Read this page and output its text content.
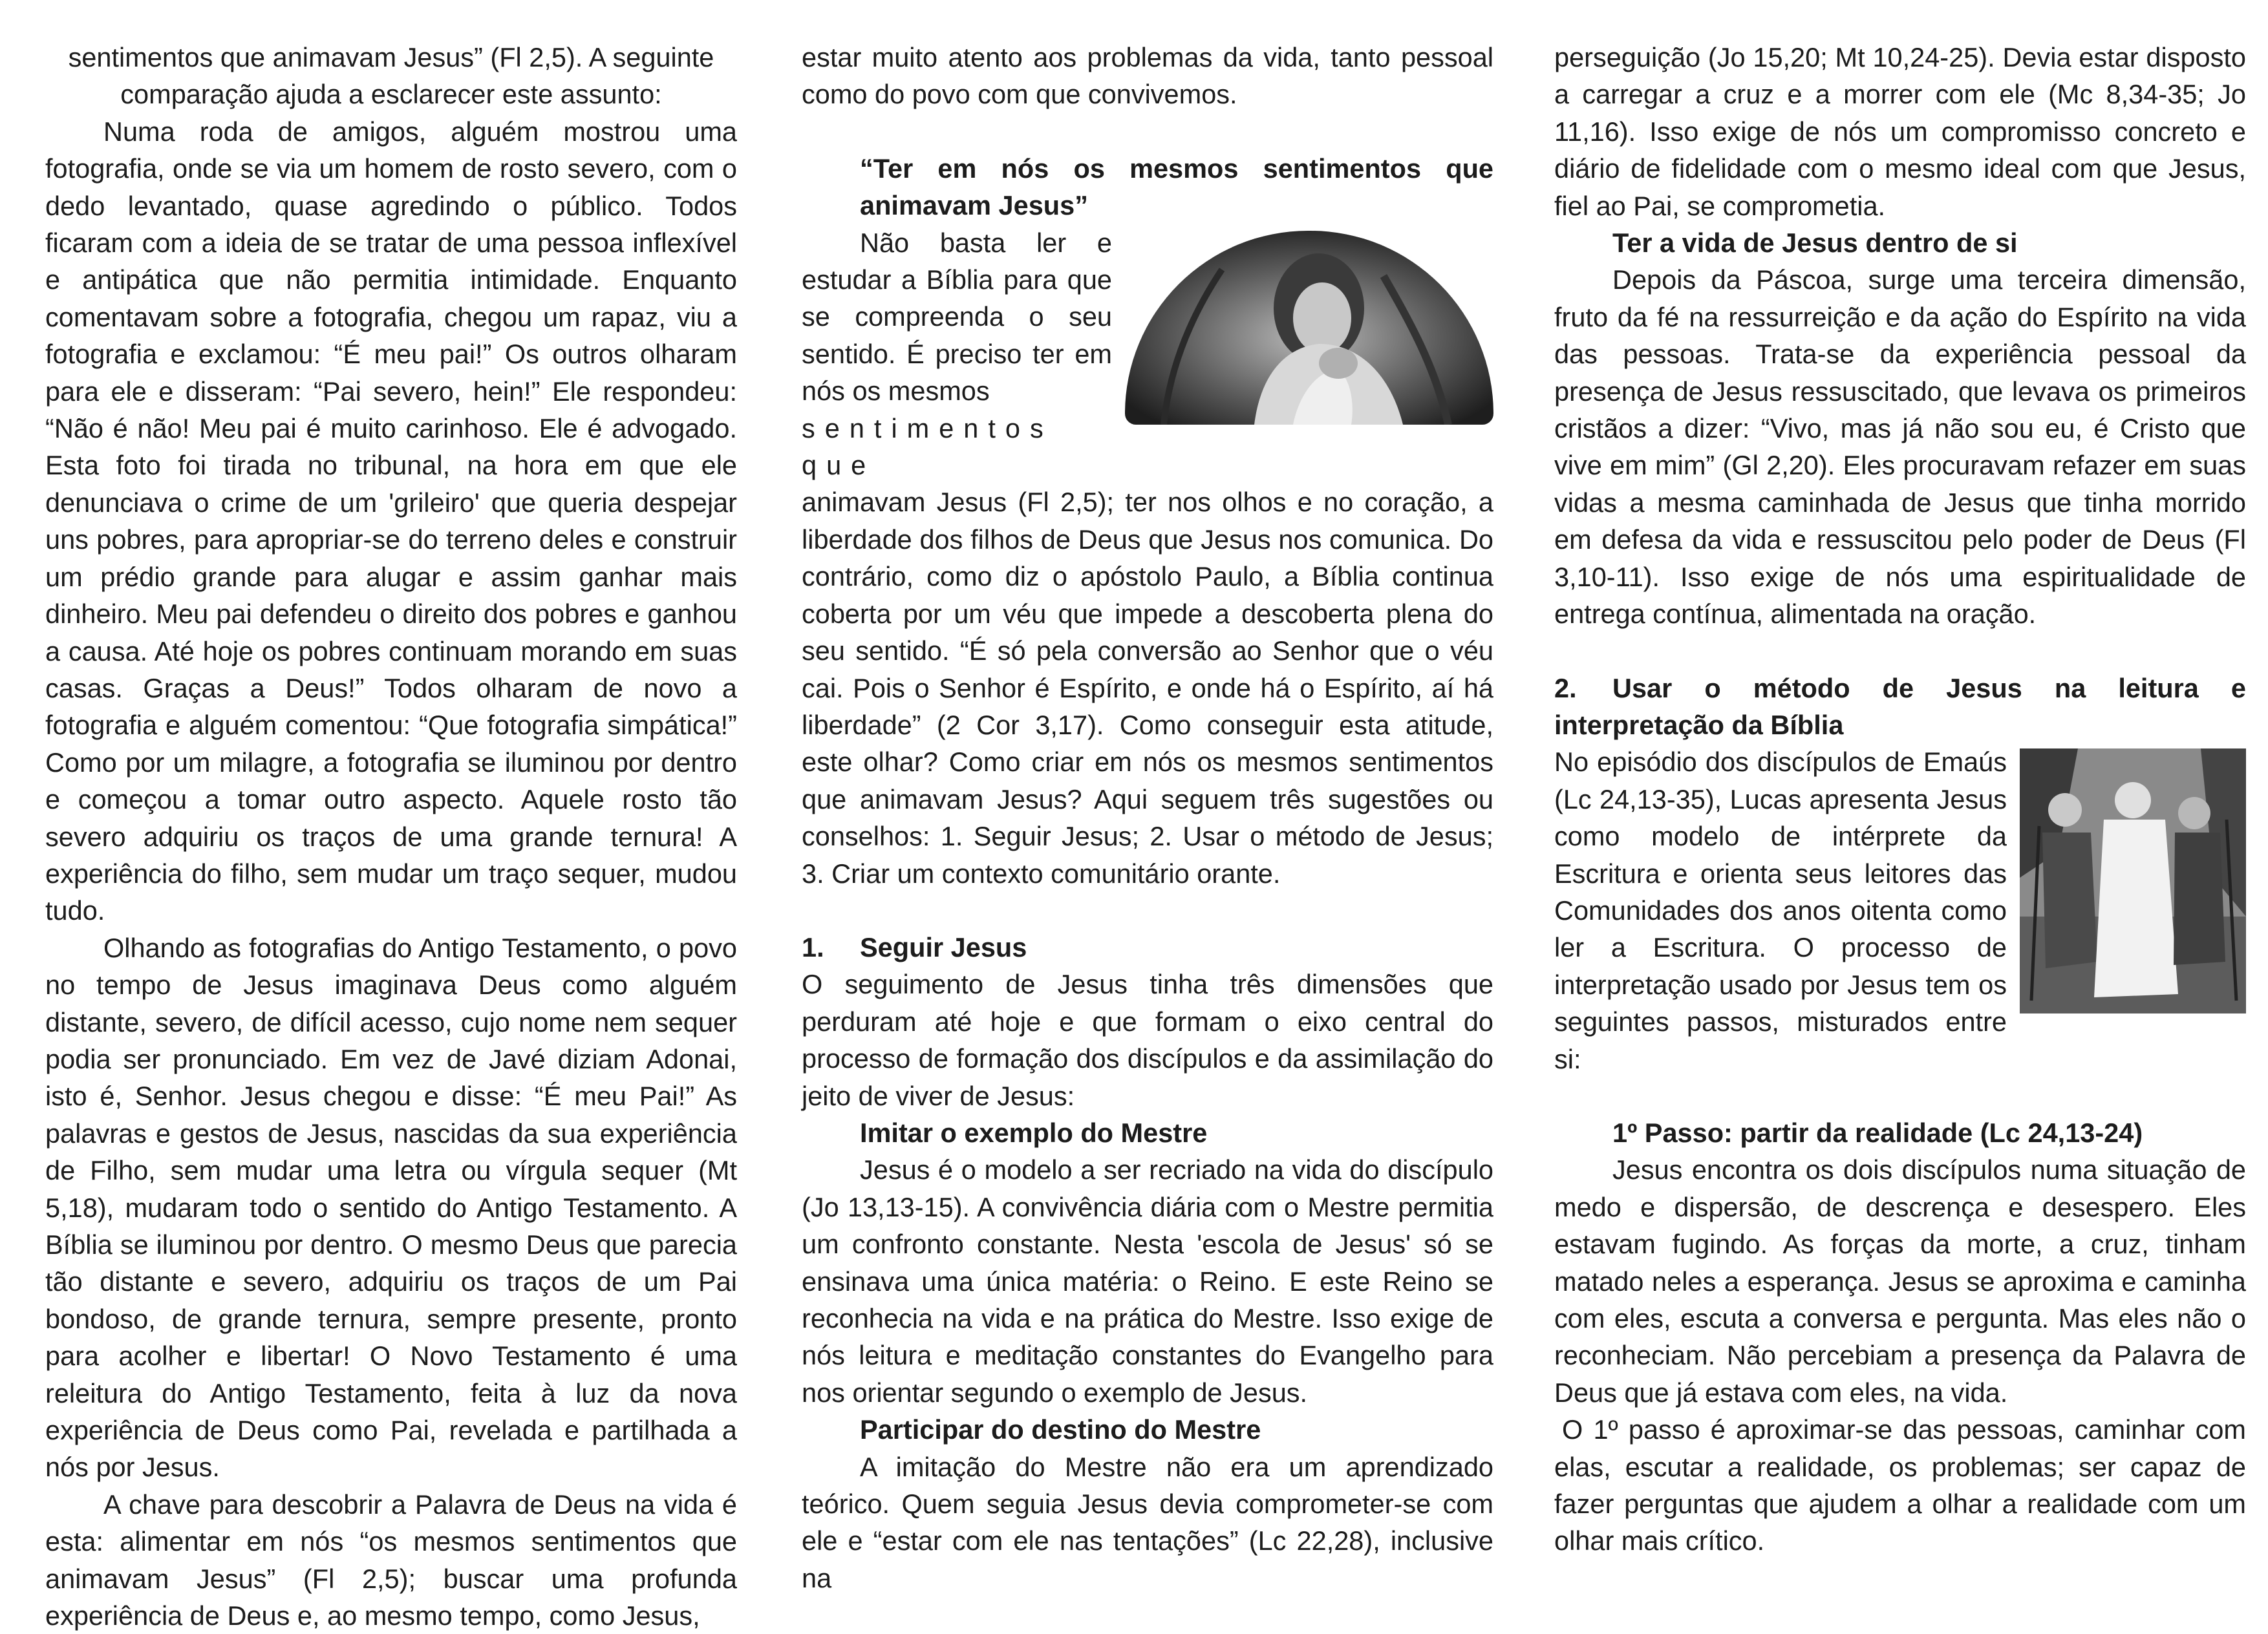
sentimentos que animavam Jesus” (Fl 2,5). A seguinte

comparação ajuda a esclarecer este assunto:

Numa roda de amigos, alguém mostrou uma fotografia, onde se via um homem de rosto severo, com o dedo levantado, quase agredindo o público. Todos ficaram com a ideia de se tratar de uma pessoa inflexível e antipática que não permitia intimidade. Enquanto comentavam sobre a fotografia, chegou um rapaz, viu a fotografia e exclamou: “É meu pai!” Os outros olharam para ele e disseram: “Pai severo, hein!” Ele respondeu: “Não é não! Meu pai é muito carinhoso. Ele é advogado. Esta foto foi tirada no tribunal, na hora em que ele denunciava o crime de um 'grileiro' que queria despejar uns pobres, para apropriar-se do terreno deles e construir um prédio grande para alugar e assim ganhar mais dinheiro. Meu pai defendeu o direito dos pobres e ganhou a causa. Até hoje os pobres continuam morando em suas casas. Graças a Deus!” Todos olharam de novo a fotografia e alguém comentou: “Que fotografia simpática!” Como por um milagre, a fotografia se iluminou por dentro e começou a tomar outro aspecto. Aquele rosto tão severo adquiriu os traços de uma grande ternura! A experiência do filho, sem mudar um traço sequer, mudou tudo.

Olhando as fotografias do Antigo Testamento, o povo no tempo de Jesus imaginava Deus como alguém distante, severo, de difícil acesso, cujo nome nem sequer podia ser pronunciado. Em vez de Javé diziam Adonai, isto é, Senhor. Jesus chegou e disse: “É meu Pai!” As palavras e gestos de Jesus, nascidas da sua experiência de Filho, sem mudar uma letra ou vírgula sequer (Mt 5,18), mudaram todo o sentido do Antigo Testamento. A Bíblia se iluminou por dentro. O mesmo Deus que parecia tão distante e severo, adquiriu os traços de um Pai bondoso, de grande ternura, sempre presente, pronto para acolher e libertar! O Novo Testamento é uma releitura do Antigo Testamento, feita à luz da nova experiência de Deus como Pai, revelada e partilhada a nós por Jesus.

A chave para descobrir a Palavra de Deus na vida é esta: alimentar em nós “os mesmos sentimentos que animavam Jesus” (Fl 2,5); buscar uma profunda experiência de Deus e, ao mesmo tempo, como Jesus,

estar muito atento aos problemas da vida, tanto pessoal como do povo com que convivemos.

“Ter em nós os mesmos sentimentos que animavam Jesus”

Não basta ler e estudar a Bíblia para que se compreenda o seu sentido. É preciso ter em nós os mesmos

sentimentos que

animavam Jesus (Fl 2,5); ter nos olhos e no coração, a liberdade dos filhos de Deus que Jesus nos comunica. Do contrário, como diz o apóstolo Paulo, a Bíblia continua coberta por um véu que impede a descoberta plena do seu sentido. “É só pela conversão ao Senhor que o véu cai. Pois o Senhor é Espírito, e onde há o Espírito, aí há liberdade” (2 Cor 3,17). Como conseguir esta atitude, este olhar? Como criar em nós os mesmos sentimentos que animavam Jesus? Aqui seguem três sugestões ou conselhos: 1. Seguir Jesus; 2. Usar o método de Jesus; 3. Criar um contexto comunitário orante.

1. Seguir Jesus

O seguimento de Jesus tinha três dimensões que perduram até hoje e que formam o eixo central do processo de formação dos discípulos e da assimilação do jeito de viver de Jesus:

Imitar o exemplo do Mestre

Jesus é o modelo a ser recriado na vida do discípulo (Jo 13,13-15). A convivência diária com o Mestre permitia um confronto constante. Nesta 'escola de Jesus' só se ensinava uma única matéria: o Reino. E este Reino se reconhecia na vida e na prática do Mestre. Isso exige de nós leitura e meditação constantes do Evangelho para nos orientar segundo o exemplo de Jesus.

Participar do destino do Mestre

A imitação do Mestre não era um aprendizado teórico. Quem seguia Jesus devia comprometer-se com ele e “estar com ele nas tentações” (Lc 22,28), inclusive na

perseguição (Jo 15,20; Mt 10,24-25). Devia estar disposto a carregar a cruz e a morrer com ele (Mc 8,34-35; Jo 11,16). Isso exige de nós um compromisso concreto e diário de fidelidade com o mesmo ideal com que Jesus, fiel ao Pai, se comprometia.

Ter a vida de Jesus dentro de si

Depois da Páscoa, surge uma terceira dimensão, fruto da fé na ressurreição e da ação do Espírito na vida das pessoas. Trata-se da experiência pessoal da presença de Jesus ressuscitado, que levava os primeiros cristãos a dizer: “Vivo, mas já não sou eu, é Cristo que vive em mim” (Gl 2,20). Eles procuravam refazer em suas vidas a mesma caminhada de Jesus que tinha morrido em defesa da vida e ressuscitou pelo poder de Deus (Fl 3,10-11). Isso exige de nós uma espiritualidade de entrega contínua, alimentada na oração.

2. Usar o método de Jesus na leitura e interpretação da Bíblia

No episódio dos discípulos de Emaús (Lc 24,13-35), Lucas apresenta Jesus como modelo de intérprete da Escritura e orienta seus leitores das Comunidades dos anos oitenta como ler a Escritura. O processo de interpretação usado por Jesus tem os seguintes passos, misturados entre si:

1º Passo: partir da realidade (Lc 24,13-24)

Jesus encontra os dois discípulos numa situação de medo e dispersão, de descrença e desespero. Eles estavam fugindo. As forças da morte, a cruz, tinham matado neles a esperança. Jesus se aproxima e caminha com eles, escuta a conversa e pergunta. Mas eles não o reconheciam. Não percebiam a presença da Palavra de Deus que já estava com eles, na vida.

O 1º passo é aproximar-se das pessoas, caminhar com elas, escutar a realidade, os problemas; ser capaz de fazer perguntas que ajudem a olhar a realidade com um olhar mais crítico.
